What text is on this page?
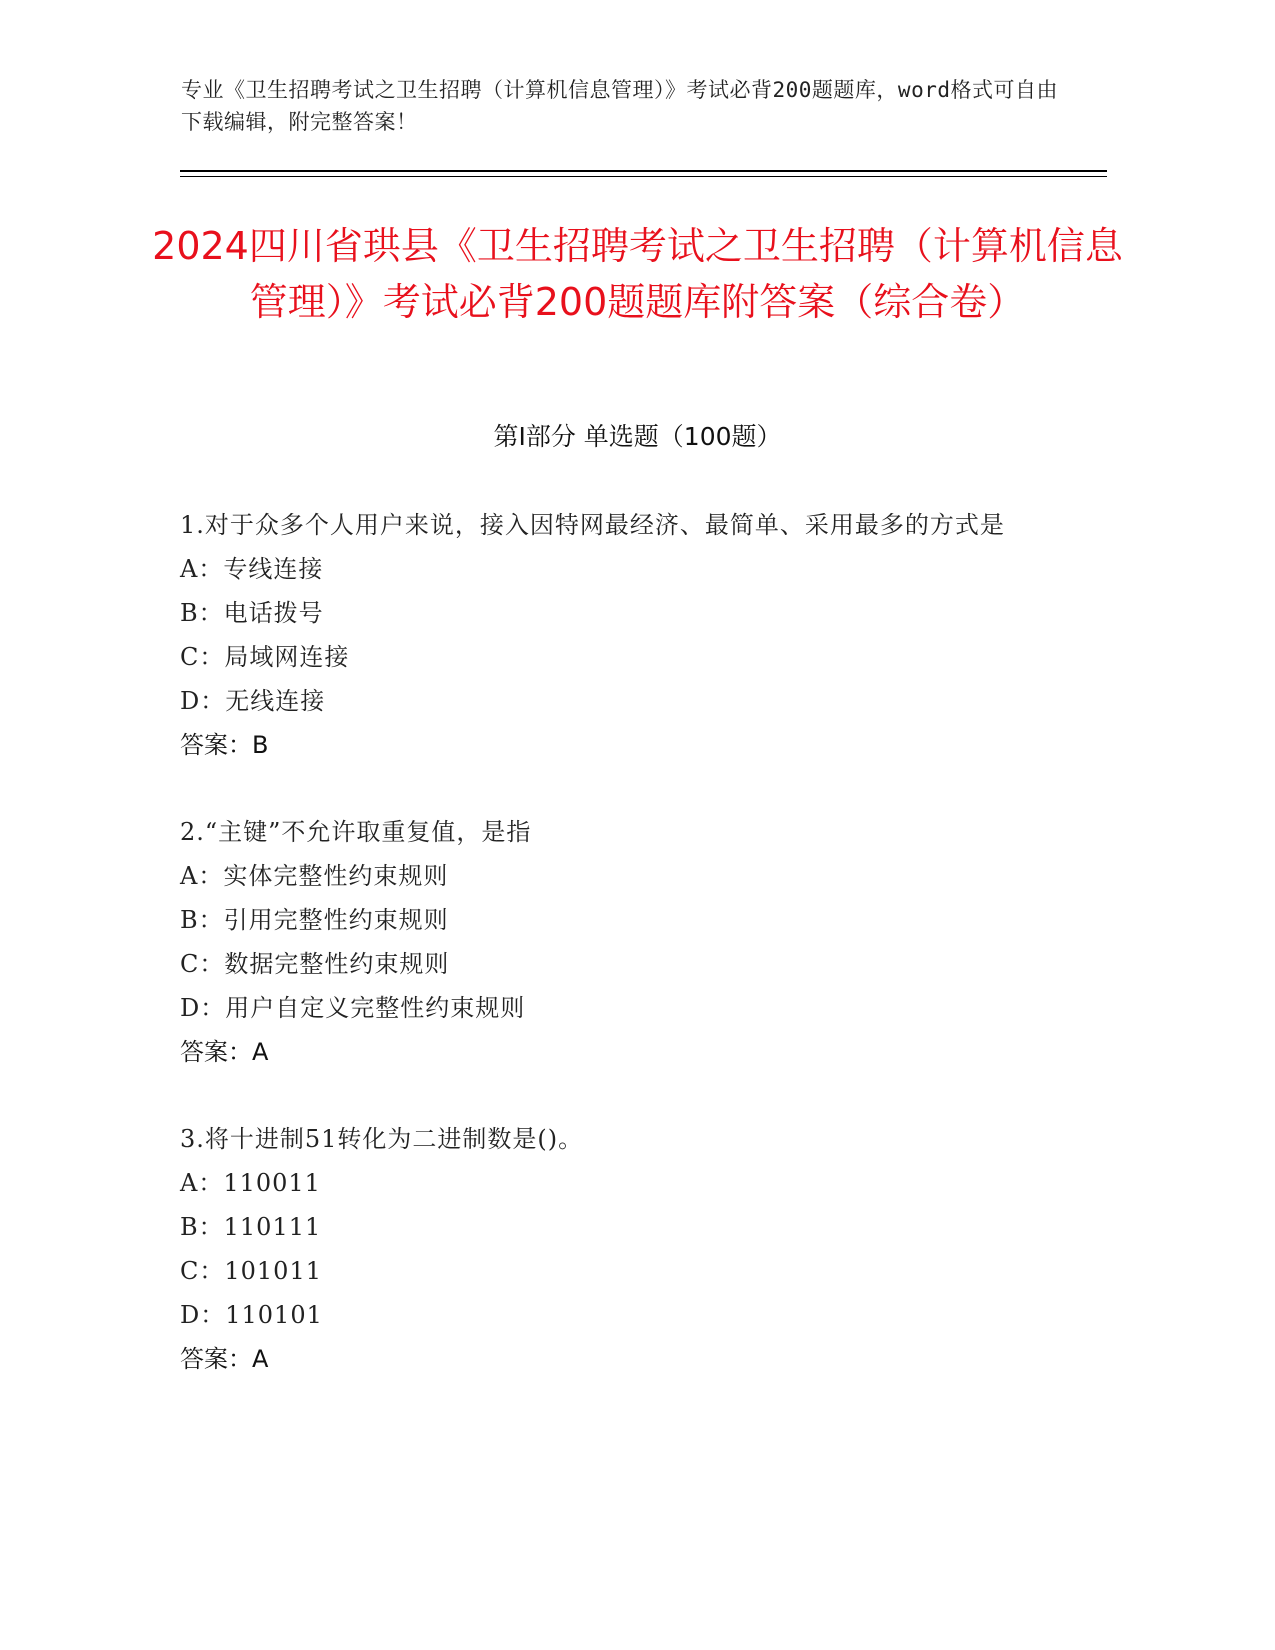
专业《卫生招聘考试之卫生招聘（计算机信息管理）》考试必背200题题库，word格式可自由下载编辑，附完整答案！
2024四川省珙县《卫生招聘考试之卫生招聘（计算机信息管理）》考试必背200题题库附答案（综合卷）
第Ⅰ部分 单选题（100题）
1.对于众多个人用户来说，接入因特网最经济、最简单、采用最多的方式是
A：专线连接
B：电话拨号
C：局域网连接
D：无线连接
答案：B
2.“主键”不允许取重复值，是指
A：实体完整性约束规则
B：引用完整性约束规则
C：数据完整性约束规则
D：用户自定义完整性约束规则
答案：A
3.将十进制51转化为二进制数是()。
A：110011
B：110111
C：101011
D：110101
答案：A
